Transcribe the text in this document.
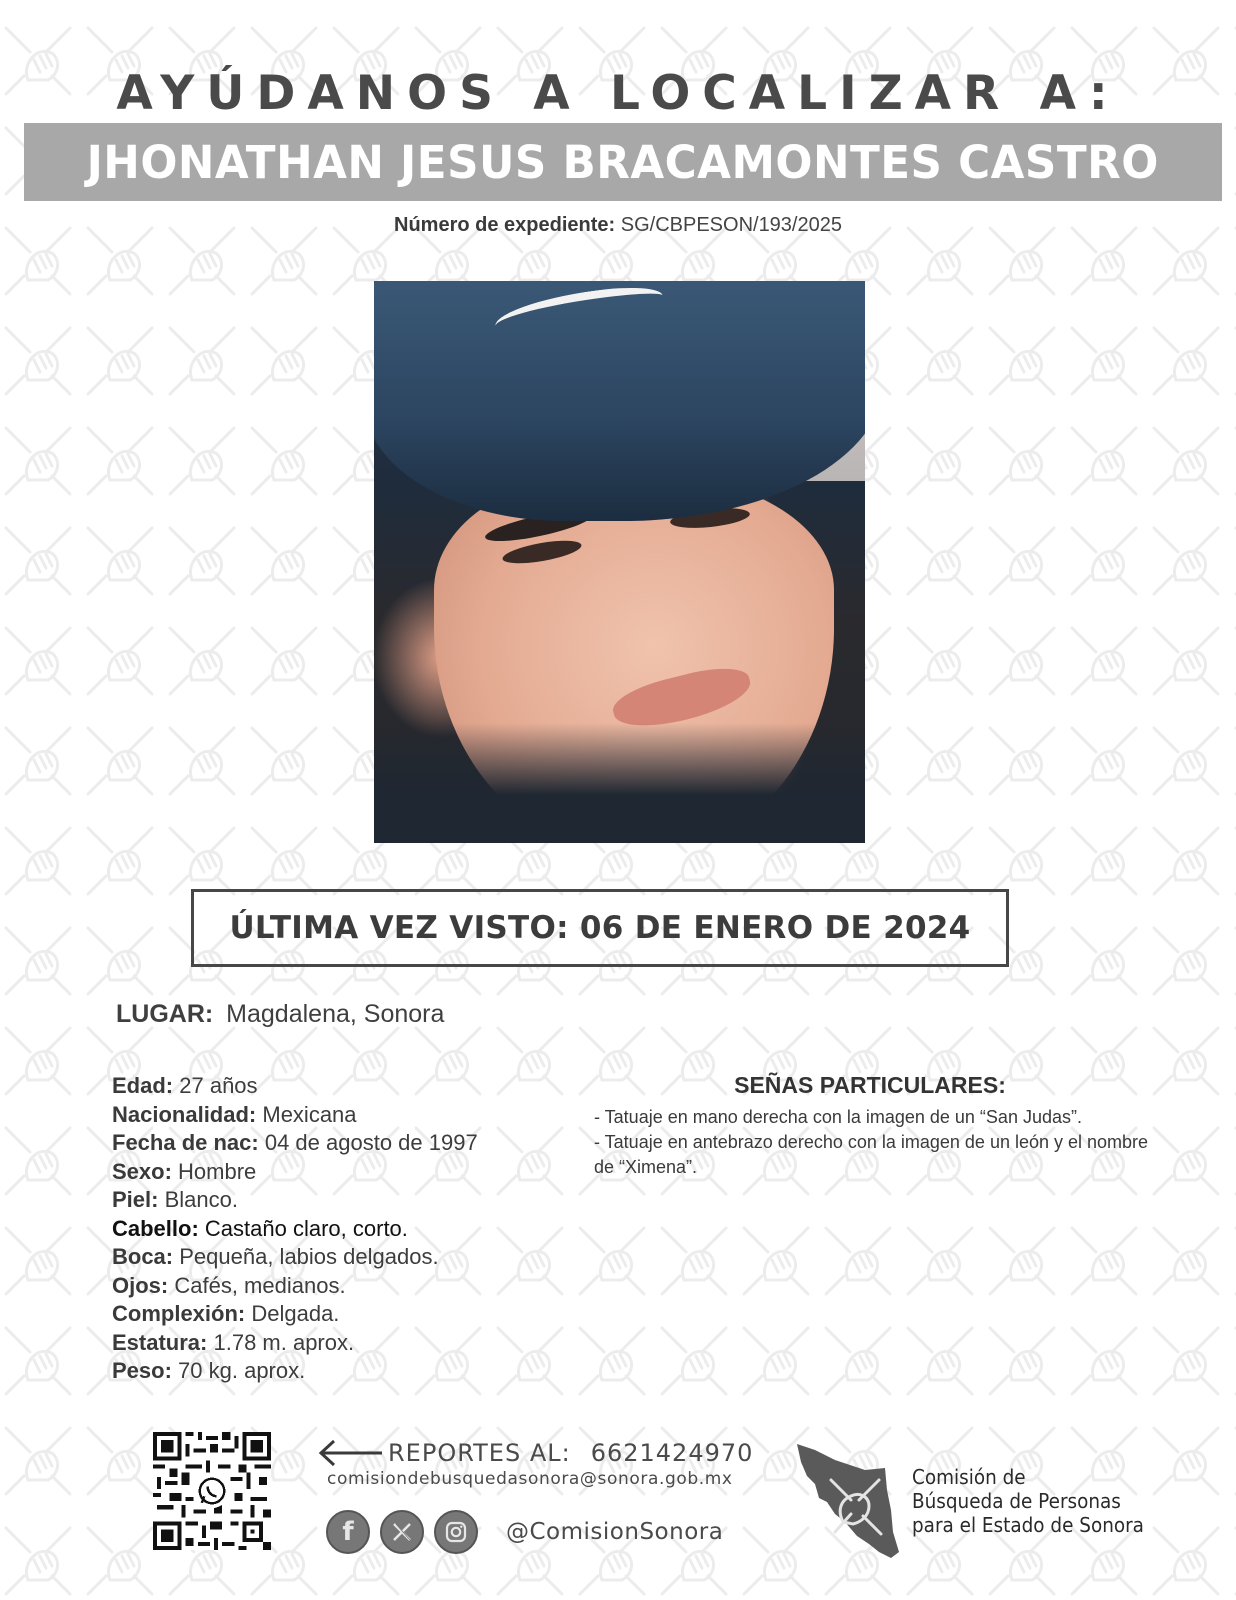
AYÚDANOS A LOCALIZAR A:
JHONATHAN JESUS BRACAMONTES CASTRO
Número de expediente: SG/CBPESON/193/2025
ÚLTIMA VEZ VISTO: 06 DE ENERO DE 2024
LUGAR: Magdalena, Sonora
Edad: 27 años
Nacionalidad: Mexicana
Fecha de nac: 04 de agosto de 1997
Sexo: Hombre
Piel: Blanco.
Cabello: Castaño claro, corto.
Boca: Pequeña, labios delgados.
Ojos: Cafés, medianos.
Complexión: Delgada.
Estatura: 1.78 m. aprox.
Peso: 70 kg. aprox.
SEÑAS PARTICULARES:
- Tatuaje en mano derecha con la imagen de un “San Judas”.
- Tatuaje en antebrazo derecho con la imagen de un león y el nombre de “Ximena”.
REPORTES AL: 6621424970
comisiondebusquedasonora@sonora.gob.mx
f	@ComisionSonora
Comisión de
Búsqueda de Personas
para el Estado de Sonora
